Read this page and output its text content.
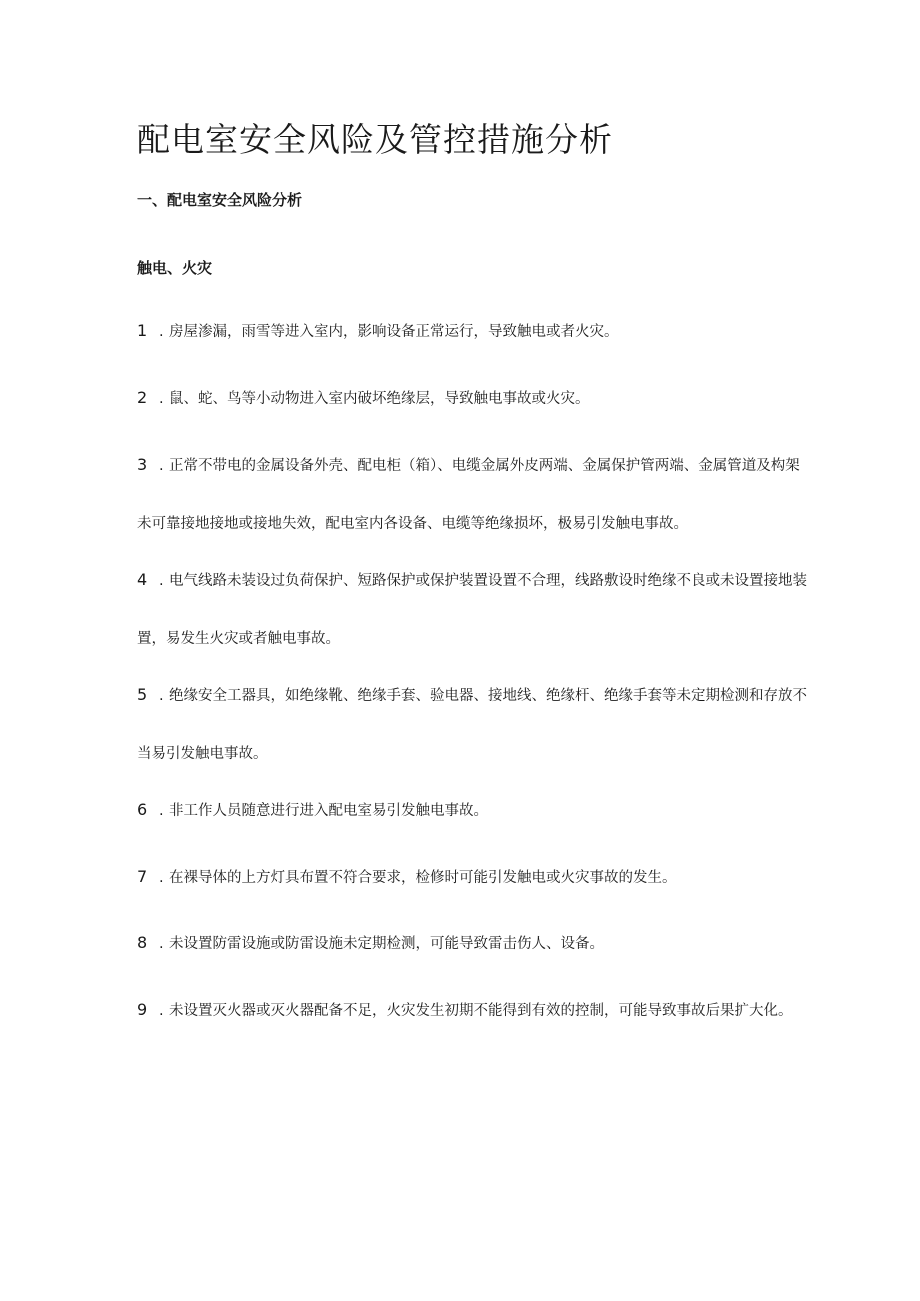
配电室安全风险及管控措施分析
一、配电室安全风险分析
触电、火灾

1 . 房屋渗漏，雨雪等进入室内，影响设备正常运行，导致触电或者火灾。

2 . 鼠、蛇、鸟等小动物进入室内破坏绝缘层，导致触电事故或火灾。

3 . 正常不带电的金属设备外壳、配电柜（箱）、电缆金属外皮两端、金属保护管两端、金属管道及构架未可靠接地接地或接地失效，配电室内各设备、电缆等绝缘损坏，极易引发触电事故。

4 . 电气线路未装设过负荷保护、短路保护或保护装置设置不合理，线路敷设时绝缘不良或未设置接地装置，易发生火灾或者触电事故。

5 . 绝缘安全工器具，如绝缘靴、绝缘手套、验电器、接地线、绝缘杆、绝缘手套等未定期检测和存放不当易引发触电事故。

6 . 非工作人员随意进行进入配电室易引发触电事故。

7 . 在裸导体的上方灯具布置不符合要求，检修时可能引发触电或火灾事故的发生。

8 . 未设置防雷设施或防雷设施未定期检测，可能导致雷击伤人、设备。

9 . 未设置灭火器或灭火器配备不足，火灾发生初期不能得到有效的控制，可能导致事故后果扩大化。
